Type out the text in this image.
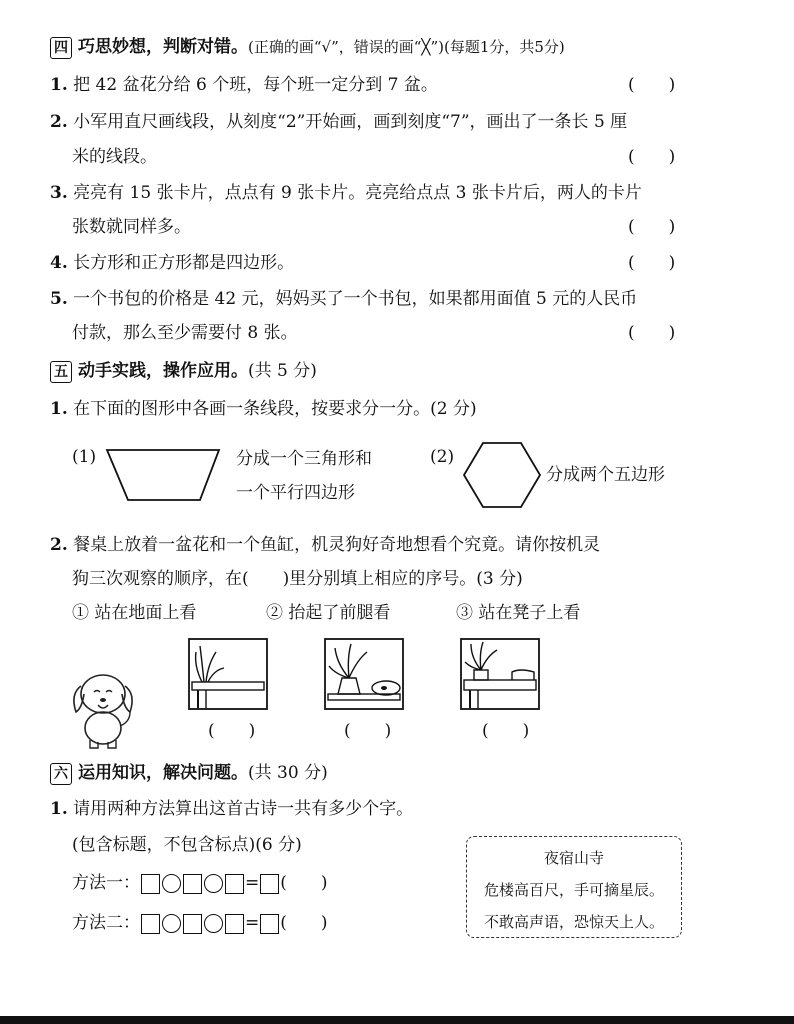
四 巧思妙想，判断对错。(正确的画“√”，错误的画“╳”)(每题1分，共5分)
1. 把 42 盆花分给 6 个班，每个班一定分到 7 盆。	(　　)
2. 小军用直尺画线段，从刻度“2”开始画，画到刻度“7”，画出了一条长 5 厘
米的线段。	(　　)
3. 亮亮有 15 张卡片，点点有 9 张卡片。亮亮给点点 3 张卡片后，两人的卡片
张数就同样多。	(　　)
4. 长方形和正方形都是四边形。	(　　)
5. 一个书包的价格是 42 元，妈妈买了一个书包，如果都用面值 5 元的人民币
付款，那么至少需要付 8 张。	(　　)
五 动手实践，操作应用。(共 5 分)
1. 在下面的图形中各画一条线段，按要求分一分。(2 分)
(1)	分成一个三角形和
一个平行四边形
(2)
分成两个五边形
2. 餐桌上放着一盆花和一个鱼缸，机灵狗好奇地想看个究竟。请你按机灵
狗三次观察的顺序，在(　　)里分别填上相应的序号。(3 分)
① 站在地面上看	② 抬起了前腿看	③ 站在凳子上看
(　　)	(　　)	(　　)
六 运用知识，解决问题。(共 30 分)
1. 请用两种方法算出这首古诗一共有多少个字。
(包含标题，不包含标点)(6 分)
方法一：	= (　　)
方法二：	= (　　)
夜宿山寺
危楼高百尺，手可摘星辰。
不敢高声语，恐惊天上人。
